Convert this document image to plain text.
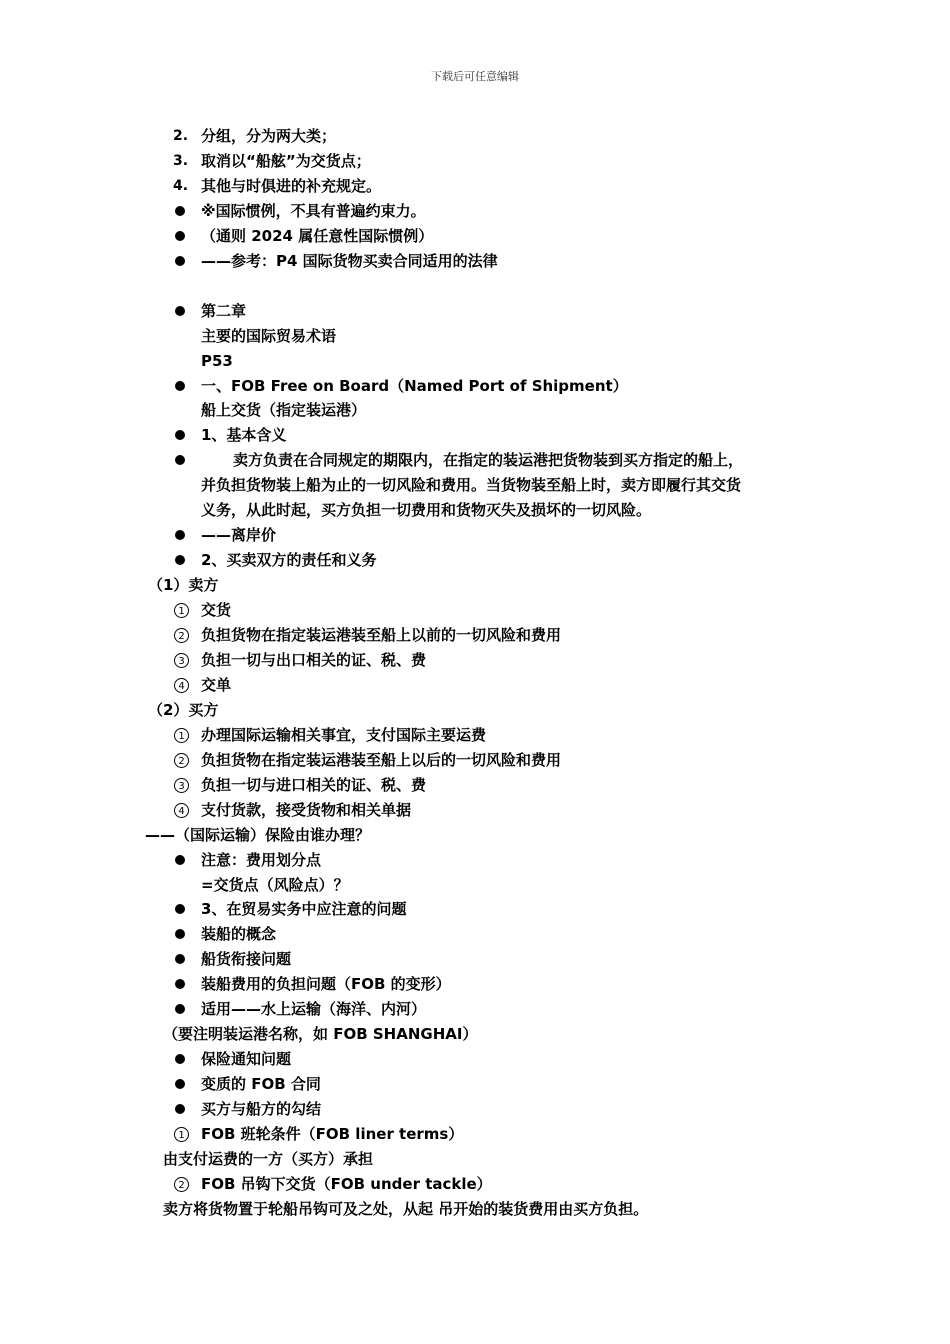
下载后可任意编辑
2. 分组，分为两大类；
3. 取消以“船舷”为交货点；
4. 其他与时俱进的补充规定。
※国际惯例，不具有普遍约束力。
（通则 2024 属任意性国际惯例）
——参考：P4 国际货物买卖合同适用的法律
第二章
主要的国际贸易术语
P53
一、FOB Free on Board（Named Port of Shipment）
船上交货（指定装运港）
1、基本含义
卖方负责在合同规定的期限内，在指定的装运港把货物装到买方指定的船上，
并负担货物装上船为止的一切风险和费用。当货物装至船上时，卖方即履行其交货
义务，从此时起，买方负担一切费用和货物灭失及损坏的一切风险。
——离岸价
2、买卖双方的责任和义务
（1）卖方
1 交货
2 负担货物在指定装运港装至船上以前的一切风险和费用
3 负担一切与出口相关的证、税、费
4 交单
（2）买方
1 办理国际运输相关事宜，支付国际主要运费
2 负担货物在指定装运港装至船上以后的一切风险和费用
3 负担一切与进口相关的证、税、费
4 支付货款，接受货物和相关单据
——（国际运输）保险由谁办理？
注意：费用划分点
=交货点（风险点）？
3、在贸易实务中应注意的问题
装船的概念
船货衔接问题
装船费用的负担问题（FOB 的变形）
适用——水上运输（海洋、内河）
（要注明装运港名称，如 FOB SHANGHAI）
保险通知问题
变质的 FOB 合同
买方与船方的勾结
1 FOB 班轮条件（FOB liner terms）
由支付运费的一方（买方）承担
2 FOB 吊钩下交货（FOB under tackle）
卖方将货物置于轮船吊钩可及之处，从起 吊开始的装货费用由买方负担。
